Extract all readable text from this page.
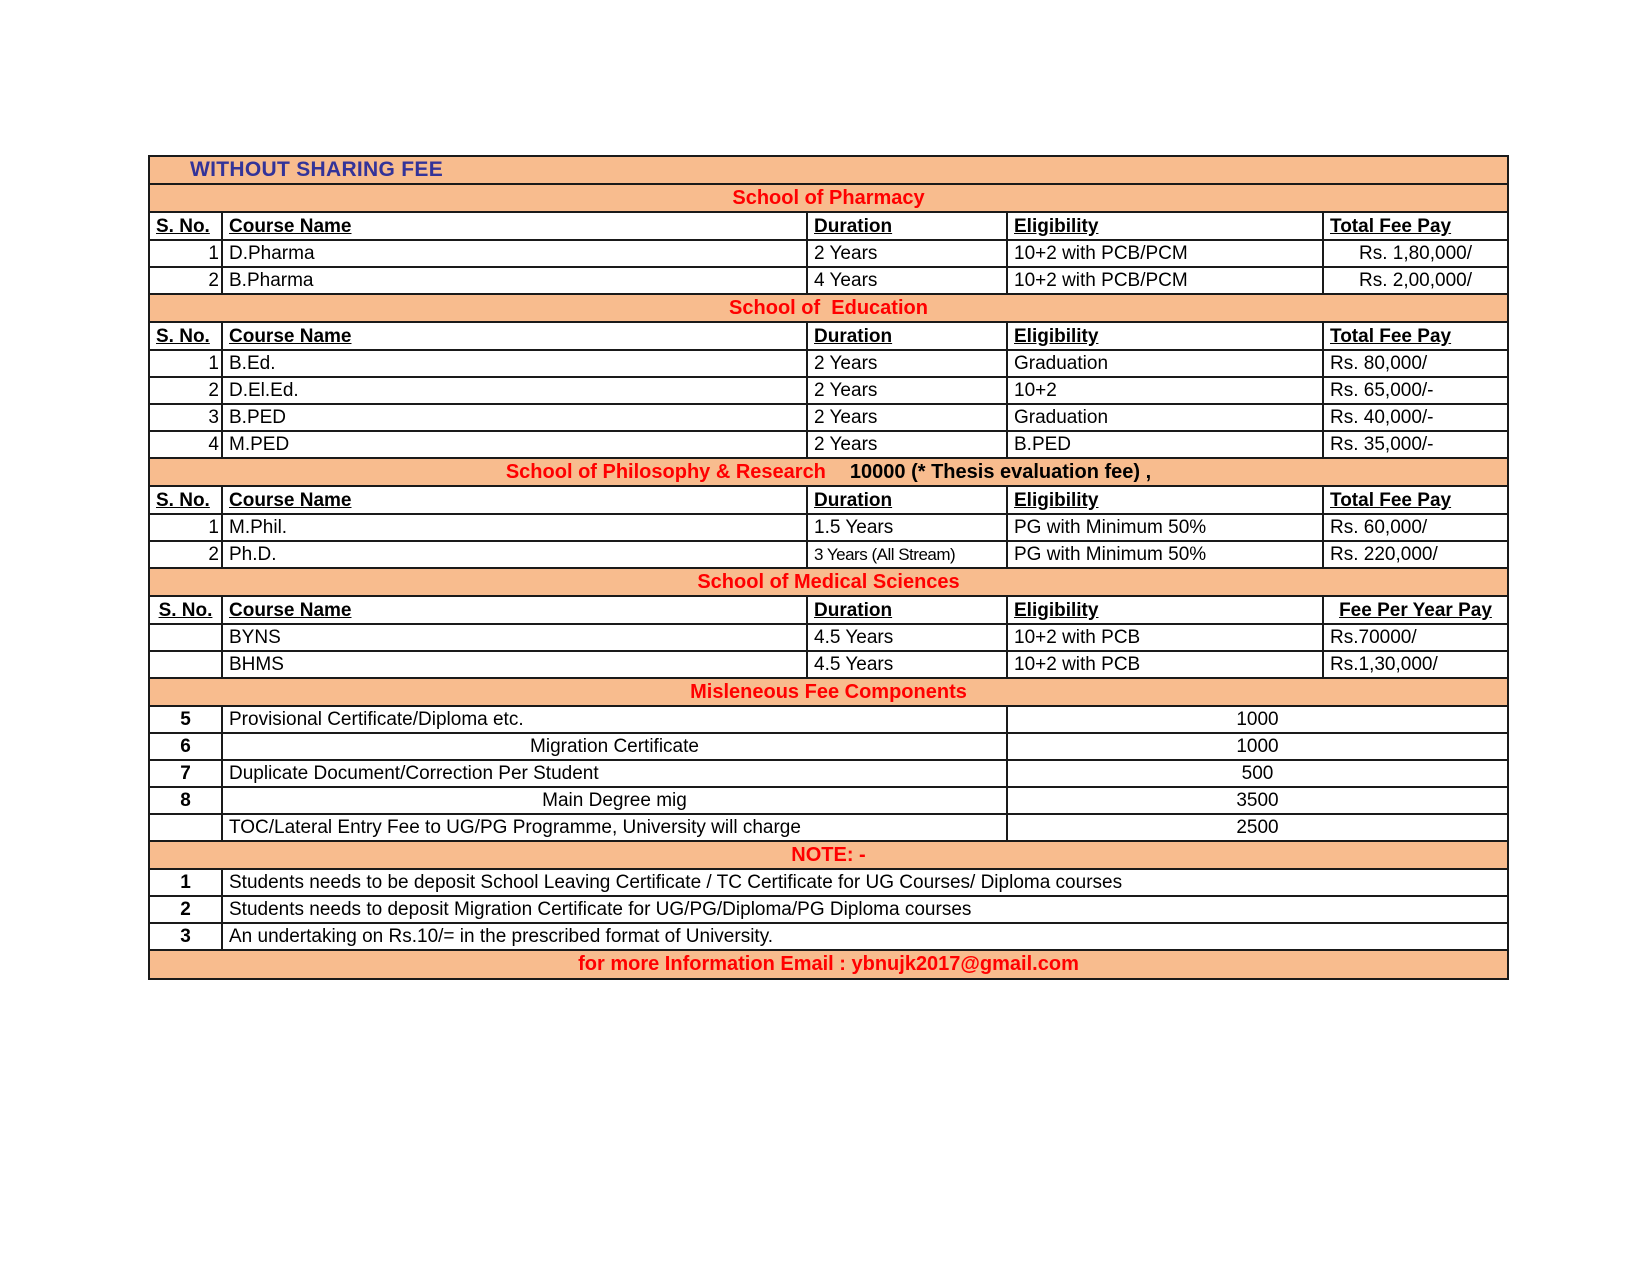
WITHOUT SHARING FEE
School of Pharmacy
S. No. Course Name	Duration	Eligibility	Total Fee Pay
1 D.Pharma	2 Years	10+2 with PCB/PCM	Rs. 1,80,000/
2 B.Pharma	4 Years	10+2 with PCB/PCM	Rs. 2,00,000/
School of  Education
S. No. Course Name	Duration	Eligibility	Total Fee Pay
1 B.Ed.	2 Years	Graduation	Rs. 80,000/
2 D.El.Ed.	2 Years	10+2	Rs. 65,000/-
3 B.PED	2 Years	Graduation	Rs. 40,000/-
4 M.PED	2 Years	B.PED	Rs. 35,000/-
School of Philosophy & Research 10000 (* Thesis evaluation fee) ,
S. No. Course Name	Duration	Eligibility	Total Fee Pay
1 M.Phil.	1.5 Years	PG with Minimum 50%	Rs. 60,000/
2 Ph.D.	3 Years (All Stream)	PG with Minimum 50%	Rs. 220,000/
School of Medical Sciences
S. No. Course Name	Duration	Eligibility	Fee Per Year Pay
BYNS	4.5 Years	10+2 with PCB	Rs.70000/
BHMS	4.5 Years	10+2 with PCB	Rs.1,30,000/
Misleneous Fee Components
5	Provisional Certificate/Diploma etc.	1000
6	Migration Certificate	1000
7	Duplicate Document/Correction Per Student	500
8	Main Degree mig	3500
TOC/Lateral Entry Fee to UG/PG Programme, University will charge	2500
NOTE: -
1	Students needs to be deposit School Leaving Certificate / TC Certificate for UG Courses/ Diploma courses
2	Students needs to deposit Migration Certificate for UG/PG/Diploma/PG Diploma courses
3	An undertaking on Rs.10/= in the prescribed format of University.
for more Information Email : ybnujk2017@gmail.com
